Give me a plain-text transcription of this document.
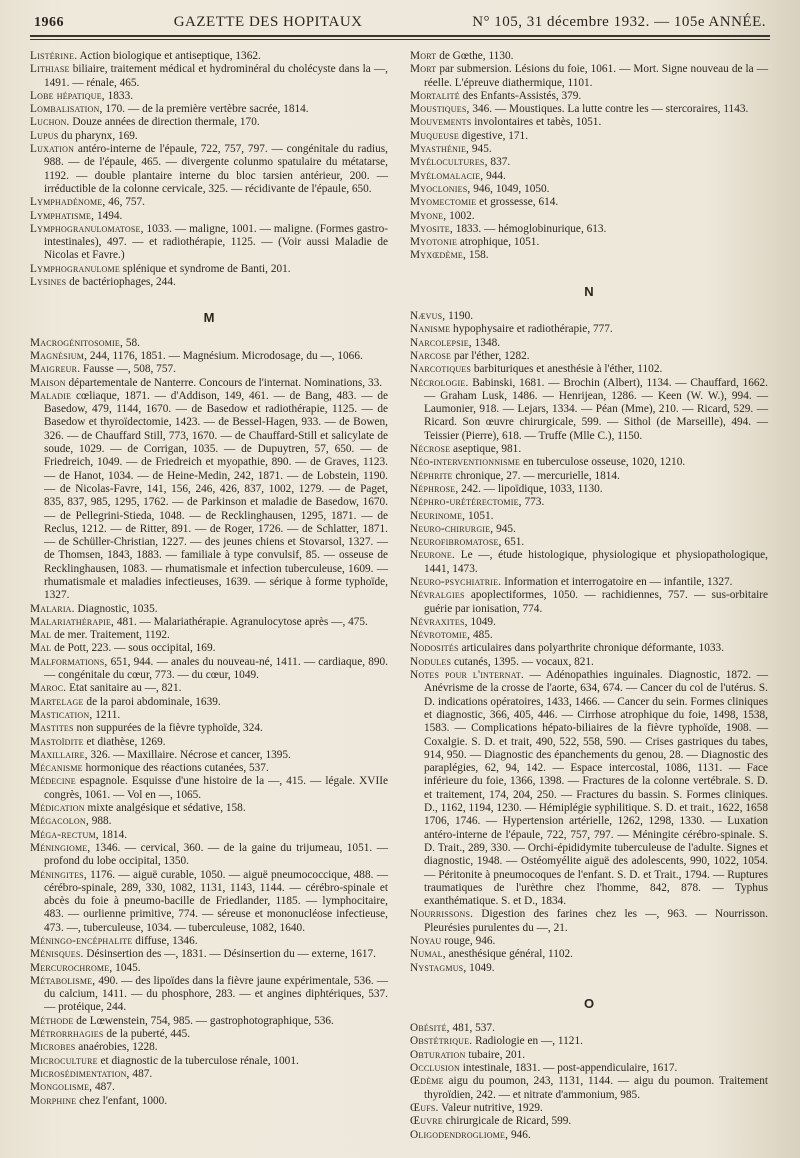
1966	GAZETTE DES HOPITAUX	N° 105, 31 décembre 1932. — 105e ANNÉE.

Listérine. Action biologique et antiseptique, 1362.

Lithiase biliaire, traitement médical et hydrominéral du cholécyste dans la —, 1491. — rénale, 465.

Lobe hépatique, 1833.

Lombalisation, 170. — de la première vertèbre sacrée, 1814.

Luchon. Douze années de direction thermale, 170.

Lupus du pharynx, 169.

Luxation antéro-interne de l'épaule, 722, 757, 797. — congénitale du radius, 988. — de l'épaule, 465. — divergente colunmo spatulaire du métatarse, 1192. — double plantaire interne du bloc tarsien antérieur, 200. — irréductible de la colonne cervicale, 325. — récidivante de l'épaule, 650.

Lymphadénome, 46, 757.

Lymphatisme, 1494.

Lymphogranulomatose, 1033. — maligne, 1001. — maligne. (Formes gastro-intestinales), 497. — et radiothérapie, 1125. — (Voir aussi Maladie de Nicolas et Favre.)

Lymphogranulome splénique et syndrome de Banti, 201.

Lysines de bactériophages, 244.

M

Macrogénitosomie, 58.

Magnésium, 244, 1176, 1851. — Magnésium. Microdosage, du —, 1066.

Maigreur. Fausse —, 508, 757.

Maison départementale de Nanterre. Concours de l'internat. Nominations, 33.

Maladie cœliaque, 1871. — d'Addison, 149, 461. — de Bang, 483. — de Basedow, 479, 1144, 1670. — de Basedow et radiothérapie, 1125. — de Basedow et thyroïdectomie, 1423. — de Bessel-Hagen, 933. — de Bowen, 326. — de Chauffard Still, 773, 1670. — de Chauffard-Still et salicylate de soude, 1029. — de Corrigan, 1035. — de Dupuytren, 57, 650. — de Friedreich, 1049. — de Friedreich et myopathie, 890. — de Graves, 1123. — de Hanot, 1034. — de Heine-Medin, 242, 1871. — de Lobstein, 1190. — de Nicolas-Favre, 141, 156, 246, 426, 837, 1002, 1279. — de Paget, 835, 837, 985, 1295, 1762. — de Parkinson et maladie de Basedow, 1670. — de Pellegrini-Stieda, 1048. — de Recklinghausen, 1295, 1871. — de Reclus, 1212. — de Ritter, 891. — de Roger, 1726. — de Schlatter, 1871. — de Schüller-Christian, 1227. — des jeunes chiens et Stovarsol, 1327. — de Thomsen, 1843, 1883. — familiale à type convulsif, 85. — osseuse de Recklinghausen, 1083. — rhumatismale et infection tuberculeuse, 1609. — rhumatismale et maladies infectieuses, 1639. — sérique à forme typhoïde, 1327.

Malaria. Diagnostic, 1035.

Malariathérapie, 481. — Malariathérapie. Agranulocytose après —, 475.

Mal de mer. Traitement, 1192.

Mal de Pott, 223. — sous occipital, 169.

Malformations, 651, 944. — anales du nouveau-né, 1411. — cardiaque, 890. — congénitale du cœur, 773. — du cœur, 1049.

Maroc. Etat sanitaire au —, 821.

Martelage de la paroi abdominale, 1639.

Mastication, 1211.

Mastites non suppurées de la fièvre typhoïde, 324.

Mastoïdite et diathèse, 1269.

Maxillaire, 326. — Maxillaire. Nécrose et cancer, 1395.

Mécanisme hormonique des réactions cutanées, 537.

Médecine espagnole. Esquisse d'une histoire de la —, 415. — légale. XVIIe congrès, 1061. — Vol en —, 1065.

Médication mixte analgésique et sédative, 158.

Mégacolon, 988.

Méga-rectum, 1814.

Méningiome, 1346. — cervical, 360. — de la gaine du trijumeau, 1051. — profond du lobe occipital, 1350.

Méningites, 1176. — aiguë curable, 1050. — aiguë pneumococcique, 488. — cérébro-spinale, 289, 330, 1082, 1131, 1143, 1144. — cérébro-spinale et abcès du foie à pneumo-bacille de Friedlander, 1185. — lymphocitaire, 483. — ourlienne primitive, 774. — séreuse et mononucléose infectieuse, 473. —, tuberculeuse, 1034. — tuberculeuse, 1082, 1640.

Méningo-encéphalite diffuse, 1346.

Ménisques. Désinsertion des —, 1831. — Désinsertion du — externe, 1617.

Mercurochrome, 1045.

Métabolisme, 490. — des lipoïdes dans la fièvre jaune expérimentale, 536. — du calcium, 1411. — du phosphore, 283. — et angines diphtériques, 537. — protéique, 244.

Méthode de Lœwenstein, 754, 985. — gastrophotographique, 536.

Métrorrhagies de la puberté, 445.

Microbes anaérobies, 1228.

Microculture et diagnostic de la tuberculose rénale, 1001.

Microsédimentation, 487.

Mongolisme, 487.

Morphine chez l'enfant, 1000.

Mort de Gœthe, 1130.

Mort par submersion. Lésions du foie, 1061. — Mort. Signe nouveau de la — réelle. L'épreuve diathermique, 1101.

Mortalité des Enfants-Assistés, 379.

Moustiques, 346. — Moustiques. La lutte contre les — stercoraires, 1143.

Mouvements involontaires et tabès, 1051.

Muqueuse digestive, 171.

Myasthénie, 945.

Myélocultures, 837.

Myélomalacie, 944.

Myoclonies, 946, 1049, 1050.

Myomectomie et grossesse, 614.

Myone, 1002.

Myosite, 1833. — hémoglobinurique, 613.

Myotonie atrophique, 1051.

Myxœdème, 158.

N

Nævus, 1190.

Nanisme hypophysaire et radiothérapie, 777.

Narcolepsie, 1348.

Narcose par l'éther, 1282.

Narcotiques barbituriques et anesthésie à l'éther, 1102.

Nécrologie. Babinski, 1681. — Brochin (Albert), 1134. — Chauffard, 1662. — Graham Lusk, 1486. — Henrijean, 1286. — Keen (W. W.), 994. — Laumonier, 918. — Lejars, 1334. — Péan (Mme), 210. — Ricard, 529. — Ricard. Son œuvre chirurgicale, 599. — Sithol (de Marseille), 494. — Teissier (Pierre), 618. — Truffe (Mlle C.), 1150.

Nécrose aseptique, 981.

Néo-interventionnisme en tuberculose osseuse, 1020, 1210.

Néphrite chronique, 27. — mercurielle, 1814.

Néphrose, 242. — lipoïdique, 1033, 1130.

Néphro-urétérectomie, 773.

Neurinome, 1051.

Neuro-chirurgie, 945.

Neurofibromatose, 651.

Neurone. Le —, étude histologique, physiologique et physiopathologique, 1441, 1473.

Neuro-psychiatrie. Information et interrogatoire en — infantile, 1327.

Névralgies apoplectiformes, 1050. — rachidiennes, 757. — sus-orbitaire guérie par ionisation, 774.

Névraxites, 1049.

Névrotomie, 485.

Nodosités articulaires dans polyarthrite chronique déformante, 1033.

Nodules cutanés, 1395. — vocaux, 821.

Notes pour l'internat. — Adénopathies inguinales. Diagnostic, 1872. — Anévrisme de la crosse de l'aorte, 634, 674. — Cancer du col de l'utérus. S. D. indications opératoires, 1433, 1466. — Cancer du sein. Formes cliniques et diagnostic, 366, 405, 446. — Cirrhose atrophique du foie, 1498, 1538, 1583. — Complications hépato-biliaires de la fièvre typhoïde, 1908. — Coxalgie. S. D. et trait, 490, 522, 558, 590. — Crises gastriques du tabes, 914, 950. — Diagnostic des épanchements du genou, 28. — Diagnostic des paraplégies, 62, 94, 142. — Espace intercostal, 1086, 1131. — Face inférieure du foie, 1366, 1398. — Fractures de la colonne vertébrale. S. D. et traitement, 174, 204, 250. — Fractures du bassin. S. Formes cliniques. D., 1162, 1194, 1230. — Hémiplégie syphilitique. S. D. et trait., 1622, 1658 1706, 1746. — Hypertension artérielle, 1262, 1298, 1330. — Luxation antéro-interne de l'épaule, 722, 757, 797. — Méningite cérébro-spinale. S. D. Trait., 289, 330. — Orchi-épididymite tuberculeuse de l'adulte. Signes et diagnostic, 1948. — Ostéomyélite aiguë des adolescents, 990, 1022, 1054. — Péritonite à pneumocoques de l'enfant. S. D. et Trait., 1794. — Ruptures traumatiques de l'urèthre chez l'homme, 842, 878. — Typhus exanthématique. S. et D., 1834.

Nourrissons. Digestion des farines chez les —, 963. — Nourrisson. Pleurésies purulentes du —, 21.

Noyau rouge, 946.

Numal, anesthésique général, 1102.

Nystagmus, 1049.

O

Obésité, 481, 537.

Obstétrique. Radiologie en —, 1121.

Obturation tubaire, 201.

Occlusion intestinale, 1831. — post-appendiculaire, 1617.

Œdème aigu du poumon, 243, 1131, 1144. — aigu du poumon. Traitement thyroïdien, 242. — et nitrate d'ammonium, 985.

Œufs. Valeur nutritive, 1929.

Œuvre chirurgicale de Ricard, 599.

Oligodendrogliome, 946.
